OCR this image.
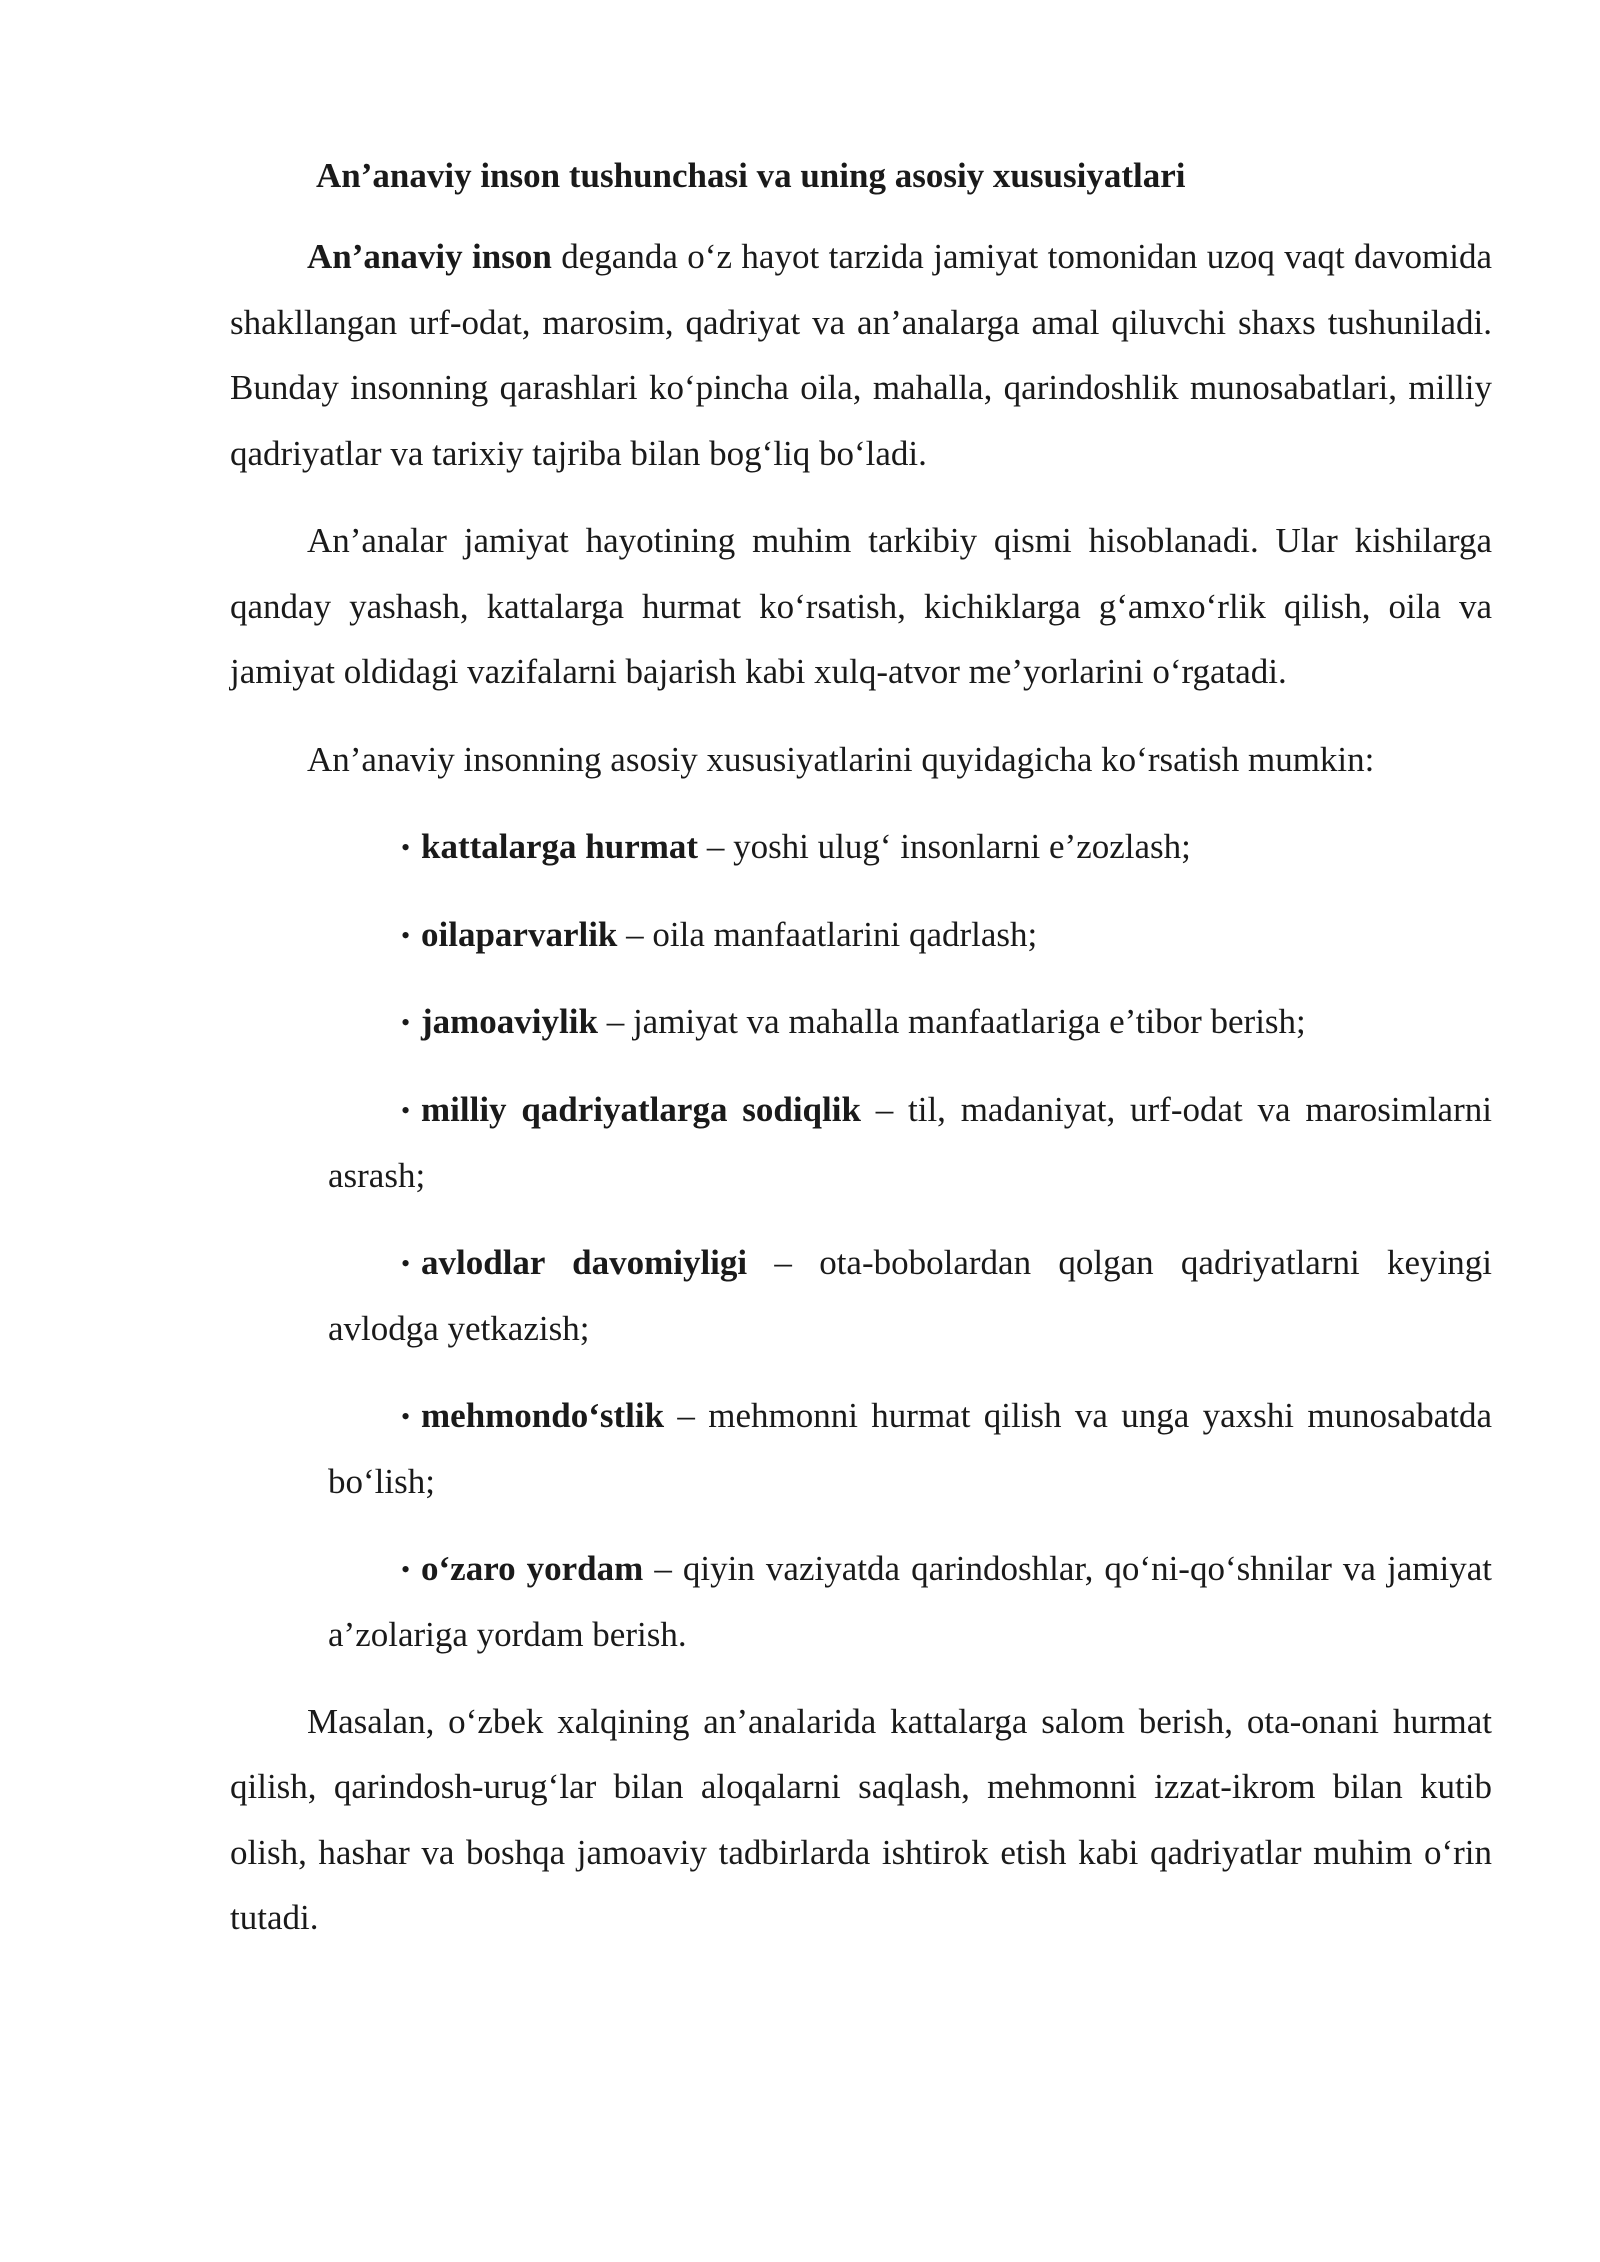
An’anaviy inson tushunchasi va uning asosiy xususiyatlari

An’anaviy inson deganda o‘z hayot tarzida jamiyat tomonidan uzoq vaqt davomida shakllangan urf-odat, marosim, qadriyat va an’analarga amal qiluvchi shaxs tushuniladi. Bunday insonning qarashlari ko‘pincha oila, mahalla, qarindoshlik munosabatlari, milliy qadriyatlar va tarixiy tajriba bilan bog‘liq bo‘ladi.

An’analar jamiyat hayotining muhim tarkibiy qismi hisoblanadi. Ular kishilarga qanday yashash, kattalarga hurmat ko‘rsatish, kichiklarga g‘amxo‘rlik qilish, oila va jamiyat oldidagi vazifalarni bajarish kabi xulq-atvor me’yorlarini o‘rgatadi.

An’anaviy insonning asosiy xususiyatlarini quyidagicha ko‘rsatish mumkin:

• kattalarga hurmat – yoshi ulug‘ insonlarni e’zozlash;
• oilaparvarlik – oila manfaatlarini qadrlash;
• jamoaviylik – jamiyat va mahalla manfaatlariga e’tibor berish;
• milliy qadriyatlarga sodiqlik – til, madaniyat, urf-odat va marosimlarni asrash;
• avlodlar davomiyligi – ota-bobolardan qolgan qadriyatlarni keyingi avlodga yetkazish;
• mehmondo‘stlik – mehmonni hurmat qilish va unga yaxshi munosabatda bo‘lish;
• o‘zaro yordam – qiyin vaziyatda qarindoshlar, qo‘ni-qo‘shnilar va jamiyat a’zolariga yordam berish.

Masalan, o‘zbek xalqining an’analarida kattalarga salom berish, ota-onani hurmat qilish, qarindosh-urug‘lar bilan aloqalarni saqlash, mehmonni izzat-ikrom bilan kutib olish, hashar va boshqa jamoaviy tadbirlarda ishtirok etish kabi qadriyatlar muhim o‘rin tutadi.
